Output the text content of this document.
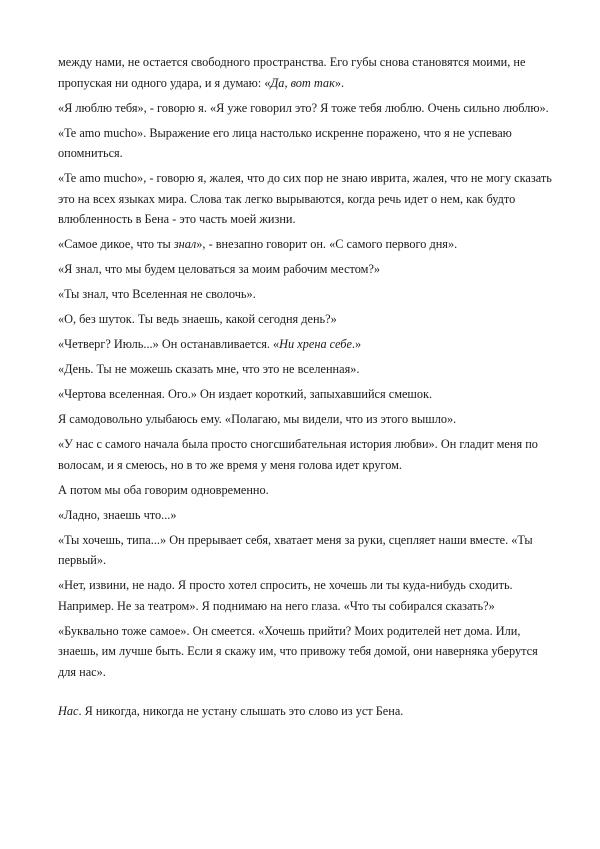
между нами, не остается свободного пространства. Его губы снова становятся моими, не пропуская ни одного удара, и я думаю: «Да, вот так».

«Я люблю тебя», - говорю я. «Я уже говорил это? Я тоже тебя люблю. Очень сильно люблю».

«Te amo mucho». Выражение его лица настолько искренне поражено, что я не успеваю опомниться.

«Te amo mucho», - говорю я, жалея, что до сих пор не знаю иврита, жалея, что не могу сказать это на всех языках мира. Слова так легко вырываются, когда речь идет о нем, как будто влюбленность в Бена - это часть моей жизни.

«Самое дикое, что ты знал», - внезапно говорит он. «С самого первого дня».

«Я знал, что мы будем целоваться за моим рабочим местом?»

«Ты знал, что Вселенная не сволочь».

«О, без шуток. Ты ведь знаешь, какой сегодня день?»

«Четверг? Июль...» Он останавливается. «Ни хрена себе.»

«День. Ты не можешь сказать мне, что это не вселенная».

«Чертова вселенная. Ого.» Он издает короткий, запыхавшийся смешок.

Я самодовольно улыбаюсь ему. «Полагаю, мы видели, что из этого вышло».

«У нас с самого начала была просто сногсшибательная история любви». Он гладит меня по волосам, и я смеюсь, но в то же время у меня голова идет кругом.

А потом мы оба говорим одновременно.

«Ладно, знаешь что...»

«Ты хочешь, типа...» Он прерывает себя, хватает меня за руки, сцепляет наши вместе. «Ты первый».

«Нет, извини, не надо. Я просто хотел спросить, не хочешь ли ты куда-нибудь сходить. Например. Не за театром». Я поднимаю на него глаза. «Что ты собирался сказать?»

«Буквально тоже самое». Он смеется. «Хочешь прийти? Моих родителей нет дома. Или, знаешь, им лучше быть. Если я скажу им, что привожу тебя домой, они наверняка уберутся для нас».

Нас. Я никогда, никогда не устану слышать это слово из уст Бена.
